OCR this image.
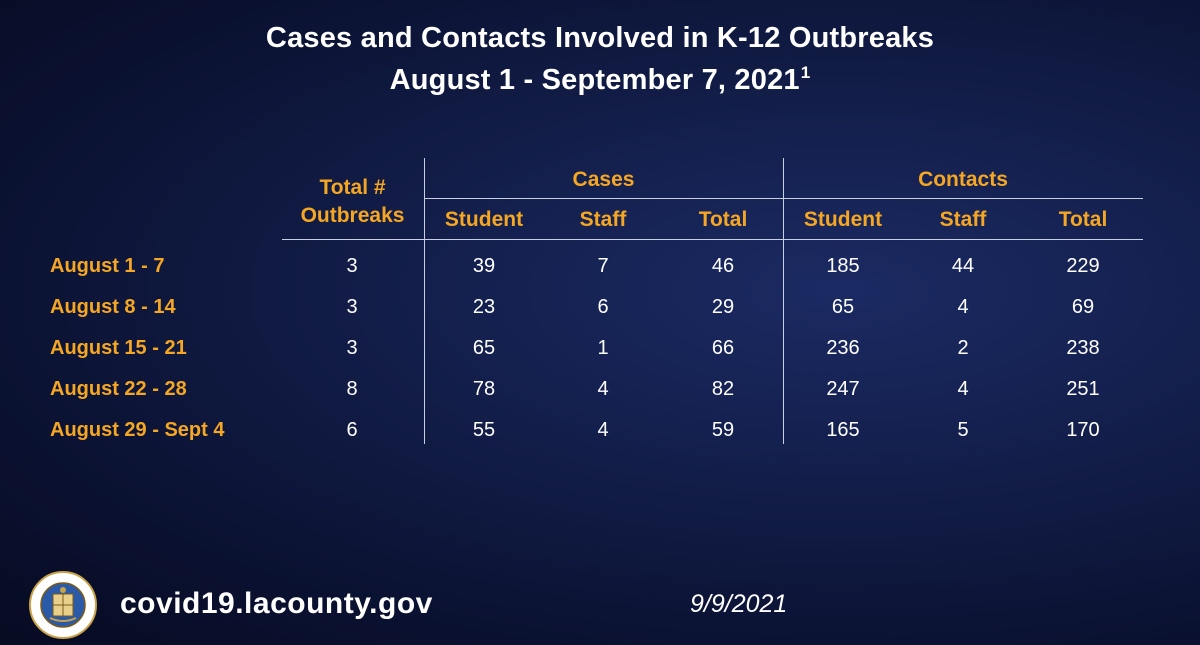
Cases and Contacts Involved in K-12 Outbreaks
August 1 - September 7, 2021$^1$
Total #
Outbreaks
Cases	Contacts
Student	Staff	Total	Student	Staff	Total
August 1 - 7	3	39	7	46	185	44	229
August 8 - 14	3	23	6	29	65	4	69
August 15 - 21	3	65	1	66	236	2	238
August 22 - 28	8	78	4	82	247	4	251
August 29 - Sept 4	6	55	4	59	165	5	170
covid19.lacounty.gov	9/9/2021
